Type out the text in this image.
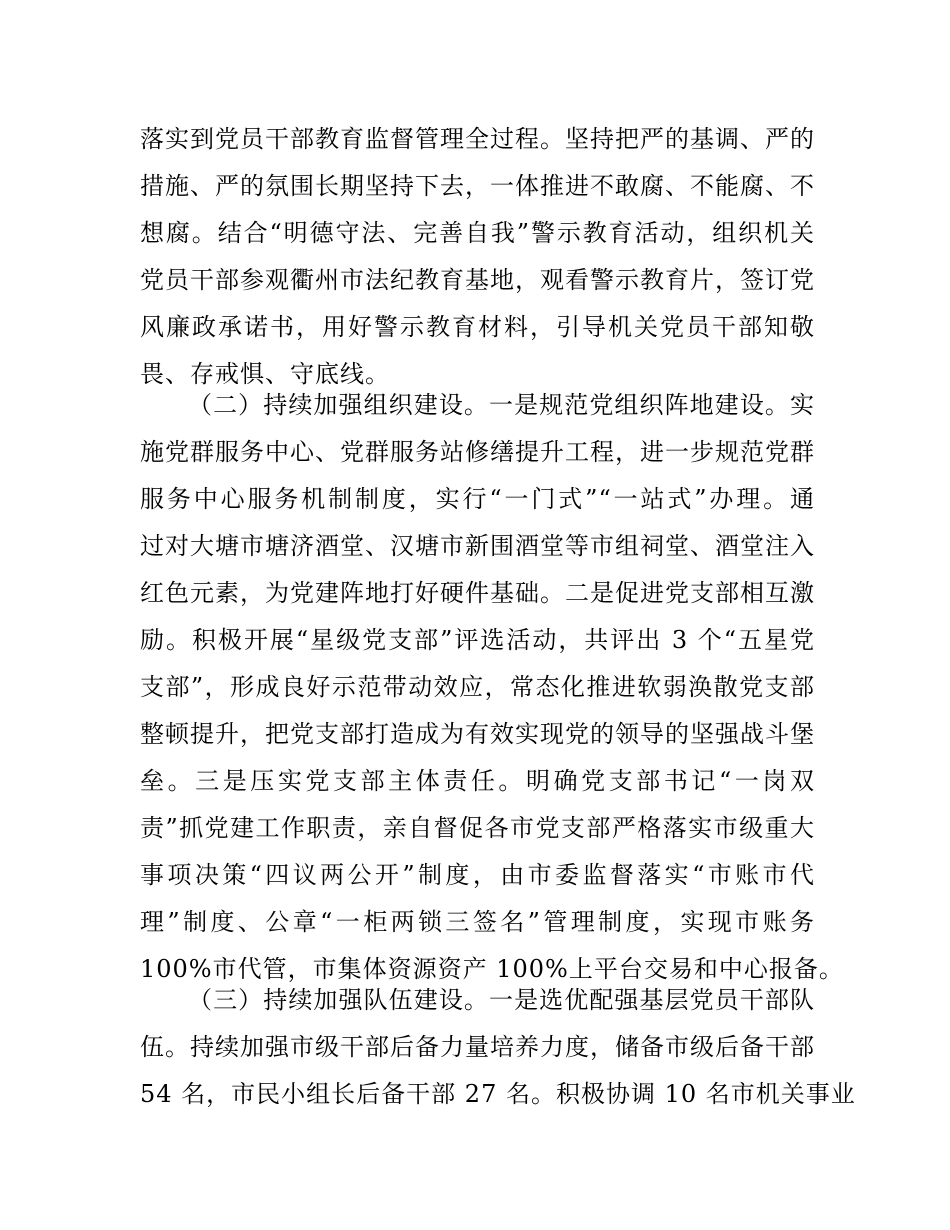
落实到党员干部教育监督管理全过程。坚持把严的基调、严的
措施、严的氛围长期坚持下去，一体推进不敢腐、不能腐、不
想腐。结合“明德守法、完善自我”警示教育活动，组织机关
党员干部参观衢州市法纪教育基地，观看警示教育片，签订党
风廉政承诺书，用好警示教育材料，引导机关党员干部知敬
畏、存戒惧、守底线。
（二）持续加强组织建设。一是规范党组织阵地建设。实
施党群服务中心、党群服务站修缮提升工程，进一步规范党群
服务中心服务机制制度，实行“一门式”“一站式”办理。通
过对大塘市塘济酒堂、汉塘市新围酒堂等市组祠堂、酒堂注入
红色元素，为党建阵地打好硬件基础。二是促进党支部相互激
励。积极开展“星级党支部”评选活动，共评出 3 个“五星党
支部”，形成良好示范带动效应，常态化推进软弱涣散党支部
整顿提升，把党支部打造成为有效实现党的领导的坚强战斗堡
垒。三是压实党支部主体责任。明确党支部书记“一岗双
责”抓党建工作职责，亲自督促各市党支部严格落实市级重大
事项决策“四议两公开”制度，由市委监督落实“市账市代
理”制度、公章“一柜两锁三签名”管理制度，实现市账务
100%市代管，市集体资源资产 100%上平台交易和中心报备。
（三）持续加强队伍建设。一是选优配强基层党员干部队
伍。持续加强市级干部后备力量培养力度，储备市级后备干部
54 名，市民小组长后备干部 27 名。积极协调 10 名市机关事业
